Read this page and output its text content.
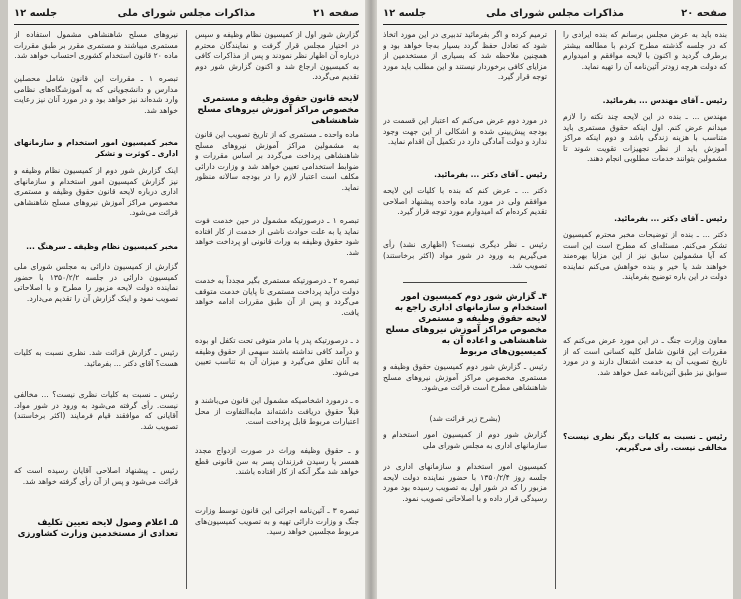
صفحه ۲۱
مذاکرات مجلس شورای ملی
جلسه ۱۲
گزارش شور اول از کمیسیون نظام وظیفه و سپس در اختیار مجلس قرار گرفت و نمایندگان محترم درباره آن اظهار نظر نمودند و پس از مذاکرات کافی به کمیسیون ارجاع شد و اکنون گزارش شور دوم تقدیم می‌گردد.
لایحه قانون حقوق وظیفه و مستمری مخصوص مراکز آموزش نیروهای مسلح شاهنشاهی
ماده واحده ـ مستمری که از تاریخ تصویب این قانون به مشمولین مراکز آموزش نیروهای مسلح شاهنشاهی پرداخت می‌گردد بر اساس مقررات و ضوابط استخدامی تعیین خواهد شد و وزارت دارائی مکلف است اعتبار لازم را در بودجه سالانه منظور نماید.
تبصره ۱ ـ درصورتیکه مشمول در حین خدمت فوت نماید یا به علت حوادث ناشی از خدمت از کار افتاده شود حقوق وظیفه به وراث قانونی او پرداخت خواهد شد.
تبصره ۲ ـ درصورتیکه مستمری بگیر مجدداً به خدمت دولت درآید پرداخت مستمری تا پایان خدمت متوقف می‌گردد و پس از آن طبق مقررات ادامه خواهد یافت.
د ـ درصورتیکه پدر یا مادر متوفی تحت تکفل او بوده و درآمد کافی نداشته باشند سهمی از حقوق وظیفه به آنان تعلق می‌گیرد و میزان آن به تناسب تعیین می‌شود.
ه ـ درمورد اشخاصیکه مشمول این قانون می‌باشند و قبلاً حقوق دریافت داشته‌اند مابه‌التفاوت از محل اعتبارات مربوط قابل پرداخت است.
و ـ حقوق وظیفه وراث در صورت ازدواج مجدد همسر یا رسیدن فرزندان پسر به سن قانونی قطع خواهد شد مگر آنکه از کار افتاده باشند.
تبصره ۳ ـ آئین‌نامه اجرائی این قانون توسط وزارت جنگ و وزارت دارائی تهیه و به تصویب کمیسیون‌های مربوط مجلسین خواهد رسید.
نیروهای مسلح شاهنشاهی مشمول استفاده از مستمری میباشند و مستمری مقرر بر طبق مقررات ماده ۲۰ قانون استخدام کشوری احتساب خواهد شد.
تبصره ۱ ـ مقررات این قانون شامل محصلین مدارس و دانشجویانی که به آموزشگاه‌های نظامی وارد شده‌اند نیز خواهد بود و در مورد آنان نیز رعایت خواهد شد.
مخبر کمیسیون امور استخدام و سازمانهای اداری ـ کوثرت و تشکر
اینک گزارش شور دوم از کمیسیون نظام وظیفه و نیز گزارش کمیسیون امور استخدام و سازمانهای اداری درباره لایحه قانون حقوق وظیفه و مستمری مخصوص مراکز آموزش نیروهای مسلح شاهنشاهی قرائت می‌شود.
مخبر کمیسیون نظام وظیفه ـ سرهنگ ...
گزارش از کمیسیون دارائی به مجلس شورای ملی کمیسیون دارائی در جلسه ۱۳۵۰/۲/۲ با حضور نماینده دولت لایحه مزبور را مطرح و با اصلاحاتی تصویب نمود و اینک گزارش آن را تقدیم می‌دارد.
رئیس ـ گزارش قرائت شد. نظری نسبت به کلیات هست؟ آقای دکتر ... بفرمائید.
رئیس ـ نسبت به کلیات نظری نیست؟ ... مخالفی نیست. رأی گرفته می‌شود به ورود در شور مواد. آقایانی که موافقند قیام فرمایند (اکثر برخاستند) تصویب شد.
رئیس ـ پیشنهاد اصلاحی آقایان رسیده است که قرائت می‌شود و پس از آن رأی گرفته خواهد شد.
۵ـ اعلام وصول لایحه تعیین تکلیف تعدادی از مستخدمین وزارت کشاورزی
صفحه ۲۰
مذاکرات مجلس شورای ملی
جلسه ۱۲
بنده باید به عرض مجلس برسانم که بنده ایرادی را که در جلسه گذشته مطرح کردم با مطالعه بیشتر برطرف گردید و اکنون با لایحه موافقم و امیدوارم که دولت هرچه زودتر آئین‌نامه آن را تهیه نماید.
رئیس ـ آقای مهندس ... بفرمائید.
مهندس ... ـ بنده در این لایحه چند نکته را لازم میدانم عرض کنم. اول اینکه حقوق مستمری باید متناسب با هزینه زندگی باشد و دوم اینکه مراکز آموزش باید از نظر تجهیزات تقویت شوند تا مشمولین بتوانند خدمات مطلوبی انجام دهند.
رئیس ـ آقای دکتر ... بفرمائید.
دکتر ... ـ بنده از توضیحات مخبر محترم کمیسیون تشکر می‌کنم. مسئله‌ای که مطرح است این است که آیا مشمولین سابق نیز از این مزایا بهره‌مند خواهند شد یا خیر و بنده خواهش می‌کنم نماینده دولت در این باره توضیح بفرمایند.
معاون وزارت جنگ ـ در این مورد عرض می‌کنم که مقررات این قانون شامل کلیه کسانی است که از تاریخ تصویب آن به خدمت اشتغال دارند و در مورد سوابق نیز طبق آئین‌نامه عمل خواهد شد.
رئیس ـ نسبت به کلیات دیگر نظری نیست؟ مخالفی نیست. رأی می‌گیریم.
ترمیم کرده و اگر بفرمائید تدبیری در این مورد اتخاذ شود که تعادل حفظ گردد بسیار به‌جا خواهد بود و همچنین ملاحظه شد که بسیاری از مستخدمین از مزایای کافی برخوردار نیستند و این مطلب باید مورد توجه قرار گیرد.
در مورد دوم عرض می‌کنم که اعتبار این قسمت در بودجه پیش‌بینی شده و اشکالی از این جهت وجود ندارد و دولت آمادگی دارد در تکمیل آن اقدام نماید.
رئیس ـ آقای دکتر ... بفرمائید.
دکتر ... ـ عرض کنم که بنده با کلیات این لایحه موافقم ولی در مورد ماده واحده پیشنهاد اصلاحی تقدیم کرده‌ام که امیدوارم مورد توجه قرار گیرد.
رئیس ـ نظر دیگری نیست؟ (اظهاری نشد) رأی می‌گیریم به ورود در شور مواد (اکثر برخاستند) تصویب شد.
۴ـ گزارش شور دوم کمیسیون امور استخدام و سازمانهای اداری راجع به لایحه حقوق وظیفه و مستمری مخصوص مراکز آموزش نیروهای مسلح شاهنشاهی و اعاده آن به کمیسیون‌های مربوط
رئیس ـ گزارش شور دوم کمیسیون حقوق وظیفه و مستمری مخصوص مراکز آموزش نیروهای مسلح شاهنشاهی مطرح است قرائت می‌شود.
(بشرح زیر قرائت شد)
گزارش شور دوم از کمیسیون امور استخدام و سازمانهای اداری به مجلس شورای ملی
کمیسیون امور استخدام و سازمانهای اداری در جلسه روز ۱۳۵۰/۲/۴ با حضور نماینده دولت لایحه مزبور را که در شور اول به تصویب رسیده بود مورد رسیدگی قرار داده و با اصلاحاتی تصویب نمود.
